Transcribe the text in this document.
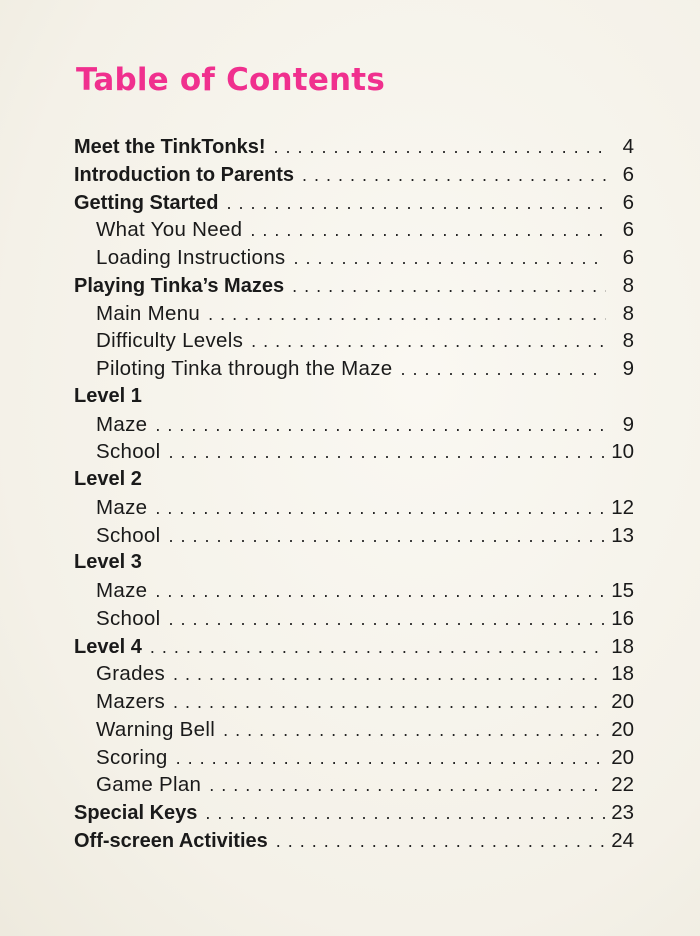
Table of Contents
Meet the TinkTonks! . . .	4
Introduction to Parents . . .	6
Getting Started . . .	6
What You Need . . .	6
Loading Instructions . . .	6
Playing Tinka’s Mazes . . .	8
Main Menu . . .	8
Difficulty Levels . . .	8
Piloting Tinka through the Maze . . .	9
Level 1
Maze . . .	9
School . . .	10
Level 2
Maze . . .	12
School . . .	13
Level 3
Maze . . .	15
School . . .	16
Level 4 . . .	18
Grades . . .	18
Mazers . . .	20
Warning Bell . . .	20
Scoring . . .	20
Game Plan . . .	22
Special Keys . . .	23
Off-screen Activities . . .	24
